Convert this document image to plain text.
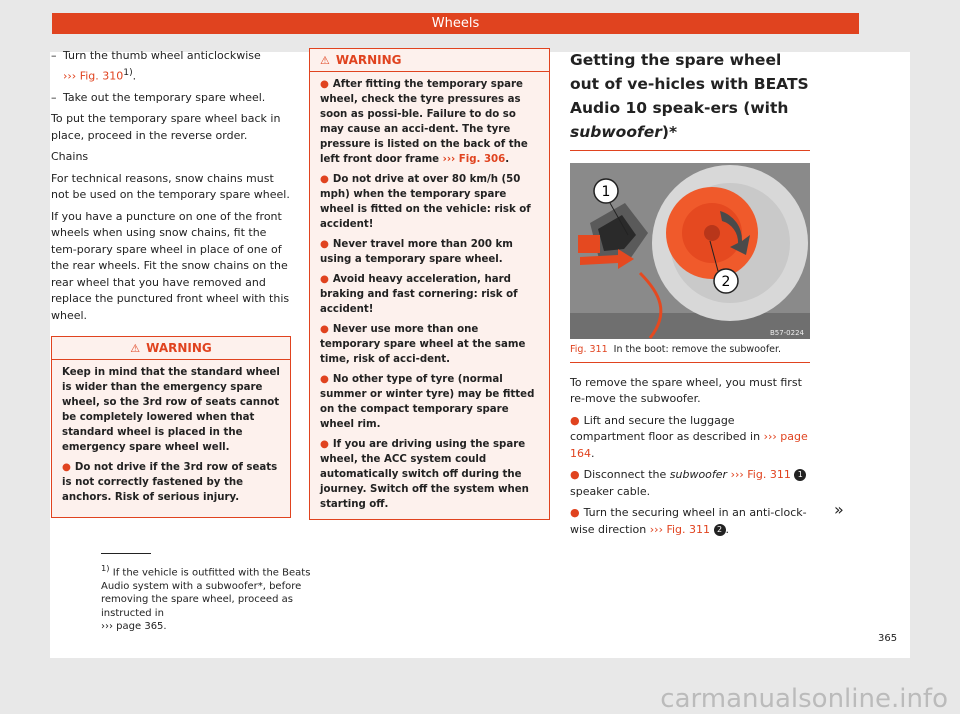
Wheels
– Turn the thumb wheel anticlockwise
››› Fig. 310$^{1)}$.
– Take out the temporary spare wheel.

To put the temporary spare wheel back in place, proceed in the reverse order.

Chains

For technical reasons, snow chains must not be used on the temporary spare wheel.

If you have a puncture on one of the front wheels when using snow chains, fit the tem-porary spare wheel in place of one of the rear wheels. Fit the snow chains on the rear wheel that you have removed and replace the punctured front wheel with this wheel.

⚠ WARNING

Keep in mind that the standard wheel is wider than the emergency spare wheel, so the 3rd row of seats cannot be completely lowered when that standard wheel is placed in the emergency spare wheel well.

● Do not drive if the 3rd row of seats is not correctly fastened by the anchors. Risk of serious injury.

⚠ WARNING

● After fitting the temporary spare wheel, check the tyre pressures as soon as possi-ble. Failure to do so may cause an acci-dent. The tyre pressure is listed on the back of the left front door frame ››› Fig. 306.

● Do not drive at over 80 km/h (50 mph) when the temporary spare wheel is fitted on the vehicle: risk of accident!

● Never travel more than 200 km using a temporary spare wheel.

● Avoid heavy acceleration, hard braking and fast cornering: risk of accident!

● Never use more than one temporary spare wheel at the same time, risk of acci-dent.

● No other type of tyre (normal summer or winter tyre) may be fitted on the compact temporary spare wheel rim.

● If you are driving using the spare wheel, the ACC system could automatically switch off during the journey. Switch off the system when starting off.

Getting the spare wheel out of ve-hicles with BEATS Audio 10 speak-ers (with subwoofer)*
1
2
B57-0224
Fig. 311 In the boot: remove the subwoofer.

To remove the spare wheel, you must first re-move the subwoofer.

● Lift and secure the luggage compartment floor as described in ››› page 164.

● Disconnect the subwoofer ››› Fig. 311 1
speaker cable.

● Turn the securing wheel in an anti-clock-wise direction ››› Fig. 311 2 .

»
$^{1)}$ If the vehicle is outfitted with the Beats Audio system with a subwoofer*, before removing the spare wheel, proceed as instructed in
››› page 365.
365
carmanualsonline.info
